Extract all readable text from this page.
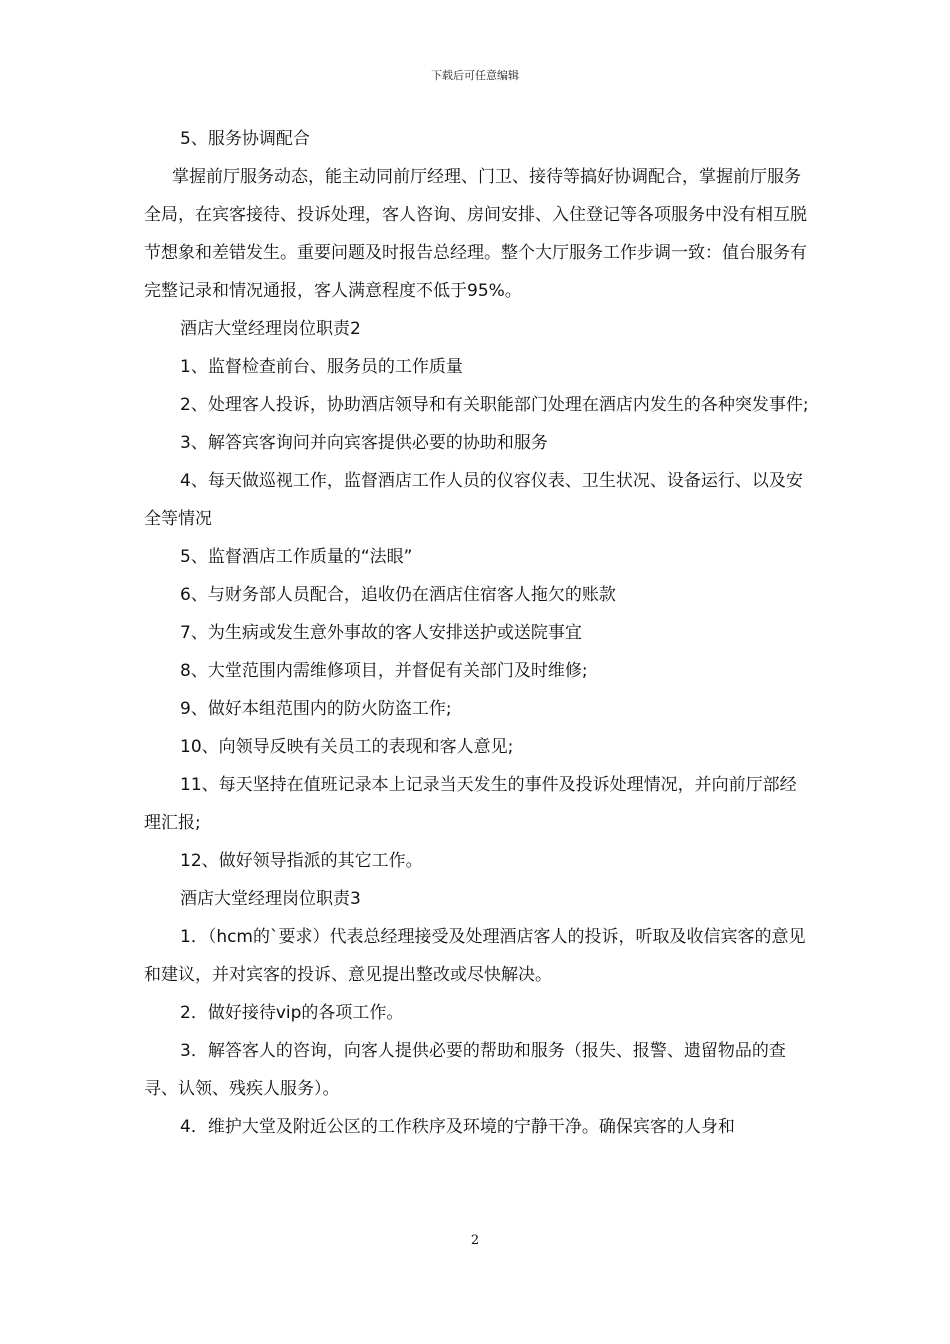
下载后可任意编辑

5、服务协调配合

掌握前厅服务动态，能主动同前厅经理、门卫、接待等搞好协调配合，掌握前厅服务全局，在宾客接待、投诉处理，客人咨询、房间安排、入住登记等各项服务中没有相互脱节想象和差错发生。重要问题及时报告总经理。整个大厅服务工作步调一致：值台服务有完整记录和情况通报，客人满意程度不低于95%。

酒店大堂经理岗位职责2

1、监督检查前台、服务员的工作质量

2、处理客人投诉，协助酒店领导和有关职能部门处理在酒店内发生的各种突发事件;

3、解答宾客询问并向宾客提供必要的协助和服务

4、每天做巡视工作，监督酒店工作人员的仪容仪表、卫生状况、设备运行、以及安全等情况

5、监督酒店工作质量的“法眼”

6、与财务部人员配合，追收仍在酒店住宿客人拖欠的账款

7、为生病或发生意外事故的客人安排送护或送院事宜

8、大堂范围内需维修项目，并督促有关部门及时维修;

9、做好本组范围内的防火防盗工作;

10、向领导反映有关员工的表现和客人意见;

11、每天坚持在值班记录本上记录当天发生的事件及投诉处理情况，并向前厅部经理汇报;

12、做好领导指派的其它工作。

酒店大堂经理岗位职责3

1．（hcm的`要求）代表总经理接受及处理酒店客人的投诉，听取及收信宾客的意见和建议，并对宾客的投诉、意见提出整改或尽快解决。

2．做好接待vip的各项工作。

3．解答客人的咨询，向客人提供必要的帮助和服务（报失、报警、遗留物品的查寻、认领、残疾人服务）。

4．维护大堂及附近公区的工作秩序及环境的宁静干净。确保宾客的人身和

2
